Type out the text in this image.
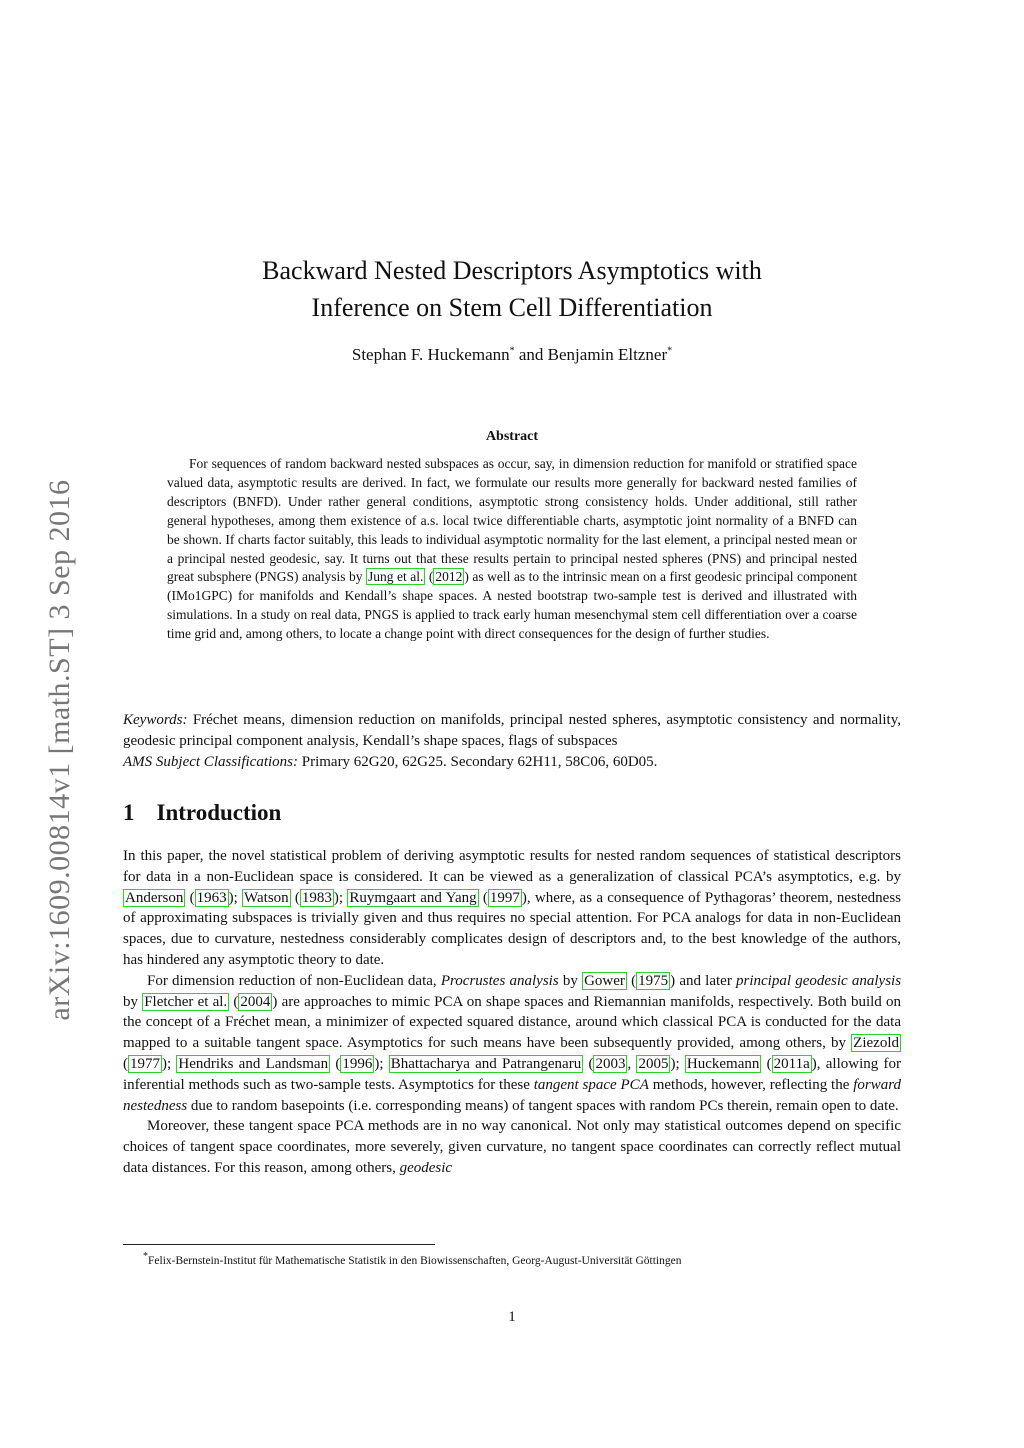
arXiv:1609.00814v1 [math.ST] 3 Sep 2016
Backward Nested Descriptors Asymptotics with
Inference on Stem Cell Differentiation
Stephan F. Huckemann* and Benjamin Eltzner*
Abstract
For sequences of random backward nested subspaces as occur, say, in dimension reduction for manifold or stratified space valued data, asymptotic results are derived. In fact, we formulate our results more generally for backward nested families of descriptors (BNFD). Under rather general conditions, asymptotic strong consistency holds. Under additional, still rather general hypotheses, among them existence of a.s. local twice differentiable charts, asymptotic joint normality of a BNFD can be shown. If charts factor suitably, this leads to individual asymptotic normality for the last element, a principal nested mean or a principal nested geodesic, say. It turns out that these results pertain to principal nested spheres (PNS) and principal nested great subsphere (PNGS) analysis by Jung et al. ( 2012 ) as well as to the intrinsic mean on a first geodesic principal component (IMo1GPC) for manifolds and Kendall’s shape spaces. A nested bootstrap two-sample test is derived and illustrated with simulations. In a study on real data, PNGS is applied to track early human mesenchymal stem cell differentiation over a coarse time grid and, among others, to locate a change point with direct consequences for the design of further studies.

Keywords: Fréchet means, dimension reduction on manifolds, principal nested spheres, asymptotic consistency and normality, geodesic principal component analysis, Kendall’s shape spaces, flags of subspaces

AMS Subject Classifications: Primary 62G20, 62G25. Secondary 62H11, 58C06, 60D05.

1 Introduction

In this paper, the novel statistical problem of deriving asymptotic results for nested random sequences of statistical descriptors for data in a non-Euclidean space is considered. It can be viewed as a generalization of classical PCA’s asymptotics, e.g. by Anderson ( 1963 ); Watson ( 1983 ); Ruymgaart and Yang ( 1997 ), where, as a consequence of Pythagoras’ theorem, nestedness of approximating subspaces is trivially given and thus requires no special attention. For PCA analogs for data in non-Euclidean spaces, due to curvature, nestedness considerably complicates design of descriptors and, to the best knowledge of the authors, has hindered any asymptotic theory to date.

For dimension reduction of non-Euclidean data, Procrustes analysis by Gower ( 1975 ) and later principal geodesic analysis by Fletcher et al. ( 2004 ) are approaches to mimic PCA on shape spaces and Riemannian manifolds, respectively. Both build on the concept of a Fréchet mean, a minimizer of expected squared distance, around which classical PCA is conducted for the data mapped to a suitable tangent space. Asymptotics for such means have been subsequently provided, among others, by Ziezold ( 1977 ); Hendriks and Landsman ( 1996 ); Bhattacharya and Patrangenaru ( 2003 , 2005 ); Huckemann ( 2011a ), allowing for inferential methods such as two-sample tests. Asymptotics for these tangent space PCA methods, however, reflecting the forward nestedness due to random basepoints (i.e. corresponding means) of tangent spaces with random PCs therein, remain open to date.

Moreover, these tangent space PCA methods are in no way canonical. Not only may statistical outcomes depend on specific choices of tangent space coordinates, more severely, given curvature, no tangent space coordinates can correctly reflect mutual data distances. For this reason, among others, geodesic

*Felix-Bernstein-Institut für Mathematische Statistik in den Biowissenschaften, Georg-August-Universität Göttingen
1
